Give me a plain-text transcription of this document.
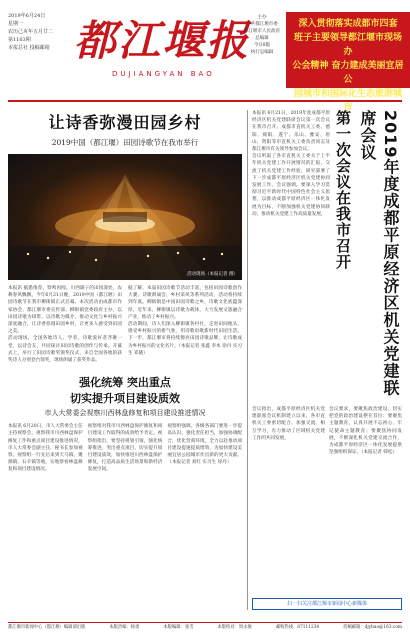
2019年6月24日
星期一
农历己亥年五月廿二
第1163期
本报总社 投稿邮箱 都江堰报
DUJIANGYAN BAO
主办
中共都江堰市委
都江堰市人民政府
总编辑
今日8版
执行总编辑
深入贯彻落实成都市四套
班子主要领导都江堰市现场办
公会精神 奋力建成美丽宜居公
园城市和国际化生态旅游城市
让诗香弥漫田园乡村
2019中国（都江堰）田园诗歌节在我市举行
活动现场（本报记者 摄）

本报讯 据悉推荐、察鸣再闻，川西湖子的田园深处，农耕春风飘飘，今年6月21日晚，2019中国（都江堰）田园诗歌节在我市柳街镇正式启幕。本次活动由成都市作家协会、都江堰市委宣传部、柳街镇党委政府主办，以田园诗歌为纽带，以诗歌为媒介，推动文化与乡村振兴深度融合，让诗香弥漫田园乡村，让更多人感受到田园之美。

活动现场，全国各地诗人、学者、诗歌爱好者齐聚一堂，以诗会友，共同探讨田园诗歌的创作与传承。开幕式上，举行了田园诗歌奖颁奖仪式，来自全国各地的获奖诗人分别登台领奖，现场朗诵了获奖作品。

据了解，本届田园诗歌节活动丰富，包括田园诗歌创作大赛、诗歌朗诵会、乡村采风等系列活动，活动将持续到年底。柳街镇是中国田园诗歌之乡，诗歌文化底蕴深厚，近年来，柳街镇以诗歌为载体，大力发展文旅融合产业，推动了乡村振兴。

活动期间，诗人们深入柳街镇各村社，走进田间地头，感受乡村振兴的新气象，用诗歌讴歌新时代田园生活。下一步，都江堰市将持续擦亮田园诗歌品牌，让诗歌成为乡村振兴的文化名片。（本报记者 张鑫 李本 徐丹 实习生 邓晓）

强化统筹 突出重点
切实提升项目建设质效
市人大常委会视察川西林盘修复和项目建设推进情况
本报讯 6月20日，市人大常委会主任主持视察会，视察我市川西林盘保护修复工作和重点项目建设推进情况，市人大常委会副主任、秘书长参加视察。视察组一行先后来到天马镇、聚源镇、石羊镇等地，实地察看林盘修复和项目建设情况。
视察组对我市川西林盘保护修复和项目建设工作取得的成效给予肯定。视察组指出，要坚持规划引领，强化统筹推进，突出重点项目，切实提升项目建设质效，加快推进川西林盘保护修复，打造高品质生活场景和新经济发展空间。
视察组强调，各级各部门要进一步提高认识，强化责任担当，加强协调配合，优化营商环境，全力以赴推动项目建设提速提质增效，为加快建设美丽宜居公园城市作出新的更大贡献。（本报记者 刘红 实习生 徐丹）

本报讯 6月21日，2019年度成都平原经济区机关党建联席会议第一次会议在我市召开。成都市直机关工委、德阳、绵阳、遂宁、乐山、雅安、眉山、资阳等市直机关工委负责同志及都江堰市有关领导参加会议。

会议听取了各市直机关工委关于上半年机关党建工作开展情况的汇报，交流了机关党建工作经验，研究部署了下一步成都平原经济区机关党建协同发展工作。会议强调，要深入学习贯彻习近平新时代中国特色社会主义思想，以推动成都平原经济区一体化发展为目标，不断加强机关党建协同联动，推动机关党建工作高质量发展。	2019年度成都平原经济区机关党建联席会议
第一次会议在我市召开
会议指出，成都平原经济区机关党建联席会议机制建立以来，各市直机关工委密切配合、加强交流、相互学习，有力推动了区域机关党建工作的共同发展。
会议要求，要聚焦政治建设，切实把党的政治建设摆在首位；要聚焦主题教育，认真开展不忘初心、牢记使命主题教育；要聚焦协同发展，不断深化机关党建交流合作，为成都平原经济区一体化发展提供坚强组织保证。（本报记者 韩松）
扫一扫关注都江堰市新闻中心新媒体
都江堰市新闻中心（都江堰）编辑部出版	本版责编：杨勇	本版编辑：张雪	本版校对：周永俊	邮购热线：87111234	投稿邮箱：djybao@163.com
